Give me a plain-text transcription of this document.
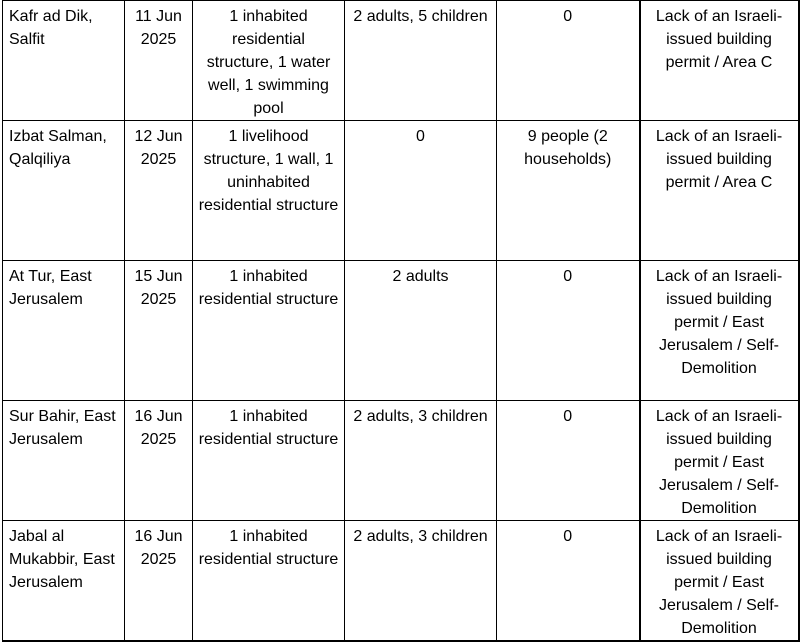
Kafr ad Dik, Salfit	11 Jun 2025	1 inhabited residential structure, 1 water well, 1 swimming pool	2 adults, 5 children	0	Lack of an Israeli-issued building permit / Area C
Izbat Salman, Qalqiliya	12 Jun 2025	1 livelihood structure, 1 wall, 1 uninhabited residential structure	0	9 people (2 households)	Lack of an Israeli-issued building permit / Area C
At Tur, East Jerusalem	15 Jun 2025	1 inhabited residential structure	2 adults	0	Lack of an Israeli-issued building permit / East Jerusalem / Self-Demolition
Sur Bahir, East Jerusalem	16 Jun 2025	1 inhabited residential structure	2 adults, 3 children	0	Lack of an Israeli-issued building permit / East Jerusalem / Self-Demolition
Jabal al Mukabbir, East Jerusalem	16 Jun 2025	1 inhabited residential structure	2 adults, 3 children	0	Lack of an Israeli-issued building permit / East Jerusalem / Self-Demolition
